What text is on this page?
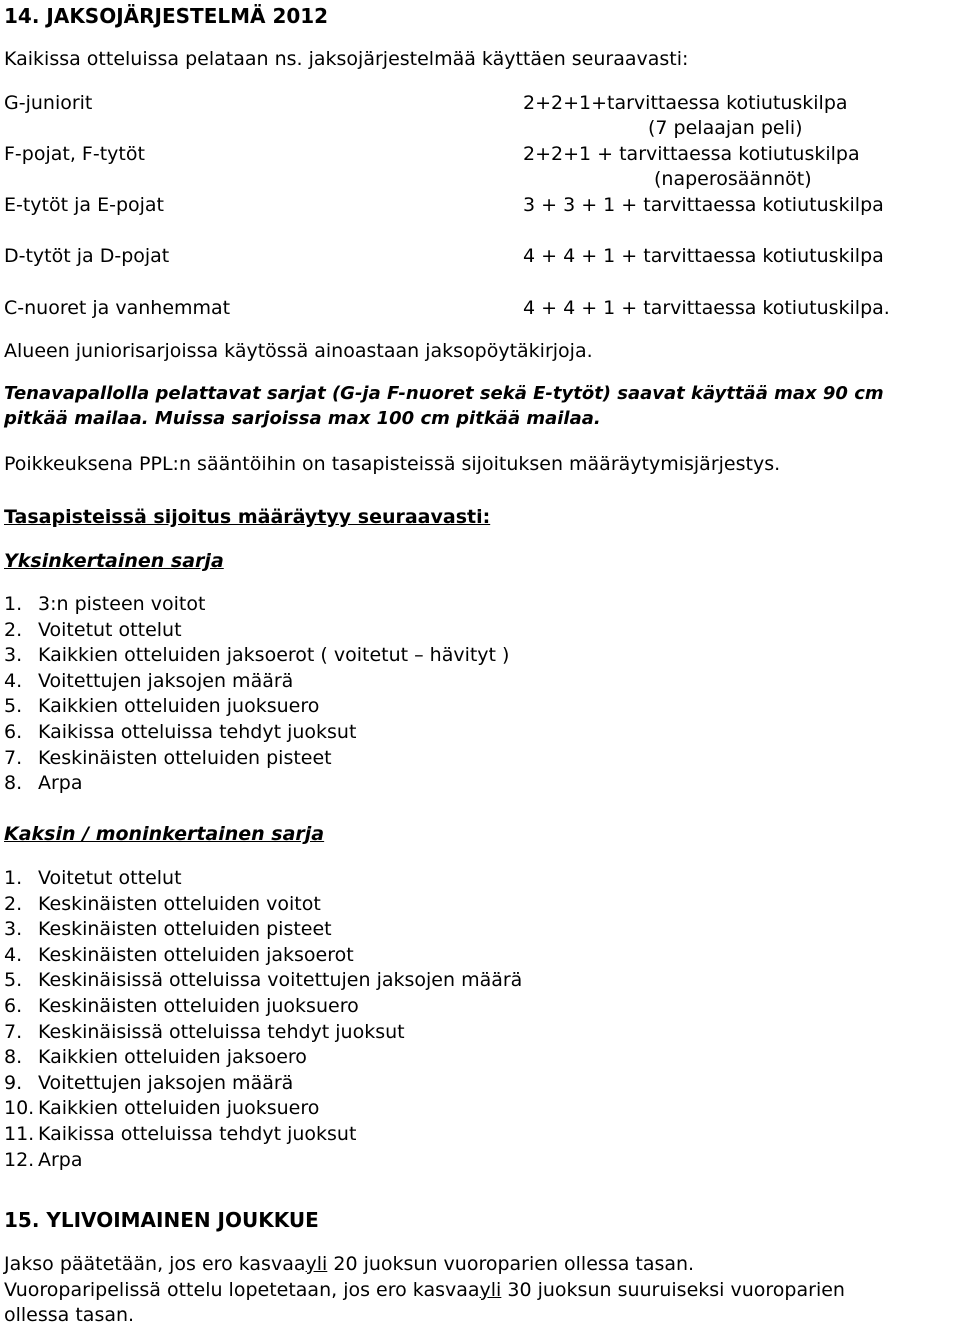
14. JAKSOJÄRJESTELMÄ 2012
Kaikissa otteluissa pelataan ns. jaksojärjestelmää käyttäen seuraavasti:
G-juniorit	2+2+1+tarvittaessa kotiutuskilpa
(7 pelaajan peli)
F-pojat, F-tytöt	2+2+1 + tarvittaessa kotiutuskilpa
(naperosäännöt)
E-tytöt ja E-pojat	3 + 3 + 1 + tarvittaessa kotiutuskilpa
D-tytöt ja D-pojat	4 + 4 + 1 + tarvittaessa kotiutuskilpa
C-nuoret ja vanhemmat	4 + 4 + 1 + tarvittaessa kotiutuskilpa.
Alueen juniorisarjoissa käytössä ainoastaan jaksopöytäkirjoja.
Tenavapallolla pelattavat sarjat (G-ja F-nuoret sekä E-tytöt) saavat käyttää max 90 cm
pitkää mailaa. Muissa sarjoissa max 100 cm pitkää mailaa.
Poikkeuksena PPL:n sääntöihin on tasapisteissä sijoituksen määräytymisjärjestys.
Tasapisteissä sijoitus määräytyy seuraavasti:
Yksinkertainen sarja
1. 3:n pisteen voitot
2. Voitetut ottelut
3. Kaikkien otteluiden jaksoerot ( voitetut – hävityt )
4. Voitettujen jaksojen määrä
5. Kaikkien otteluiden juoksuero
6. Kaikissa otteluissa tehdyt juoksut
7. Keskinäisten otteluiden pisteet
8. Arpa
Kaksin / moninkertainen sarja
1. Voitetut ottelut
2. Keskinäisten otteluiden voitot
3. Keskinäisten otteluiden pisteet
4. Keskinäisten otteluiden jaksoerot
5. Keskinäisissä otteluissa voitettujen jaksojen määrä
6. Keskinäisten otteluiden juoksuero
7. Keskinäisissä otteluissa tehdyt juoksut
8. Kaikkien otteluiden jaksoero
9. Voitettujen jaksojen määrä
10. Kaikkien otteluiden juoksuero
11. Kaikissa otteluissa tehdyt juoksut
12. Arpa
15. YLIVOIMAINEN JOUKKUE
Jakso päätetään, jos ero kasvaayli 20 juoksun vuoroparien ollessa tasan.
Vuoroparipelissä ottelu lopetetaan, jos ero kasvaayli 30 juoksun suuruiseksi vuoroparien
ollessa tasan.
